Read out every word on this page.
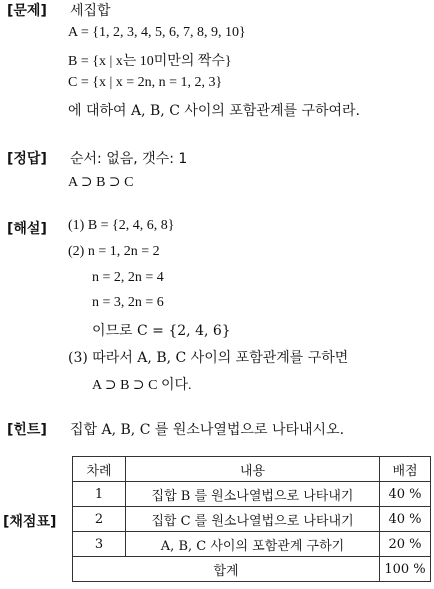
[문제] 세집합
A = {1, 2, 3, 4, 5, 6, 7, 8, 9, 10}
B = {x | x는 10미만의 짝수}
C = {x | x = 2n, n = 1, 2, 3}
에 대하여 A, B, C 사이의 포함관계를 구하여라.
[정답] 순서: 없음, 갯수: 1
A ⊃ B ⊃ C
[해설] (1) B = {2, 4, 6, 8}
(2) n = 1, 2n = 2
n = 2, 2n = 4
n = 3, 2n = 6
이므로 C = {2, 4, 6}
(3) 따라서 A, B, C 사이의 포함관계를 구하면
A ⊃ B ⊃ C 이다.
[힌트] 집합 A, B, C 를 원소나열법으로 나타내시오.
[채점표]
차례	내용	배점
1	집합 B 를 원소나열법으로 나타내기	40 %
2	집합 C 를 원소나열법으로 나타내기	40 %
3	A, B, C 사이의 포함관계 구하기	20 %
합계		100 %
